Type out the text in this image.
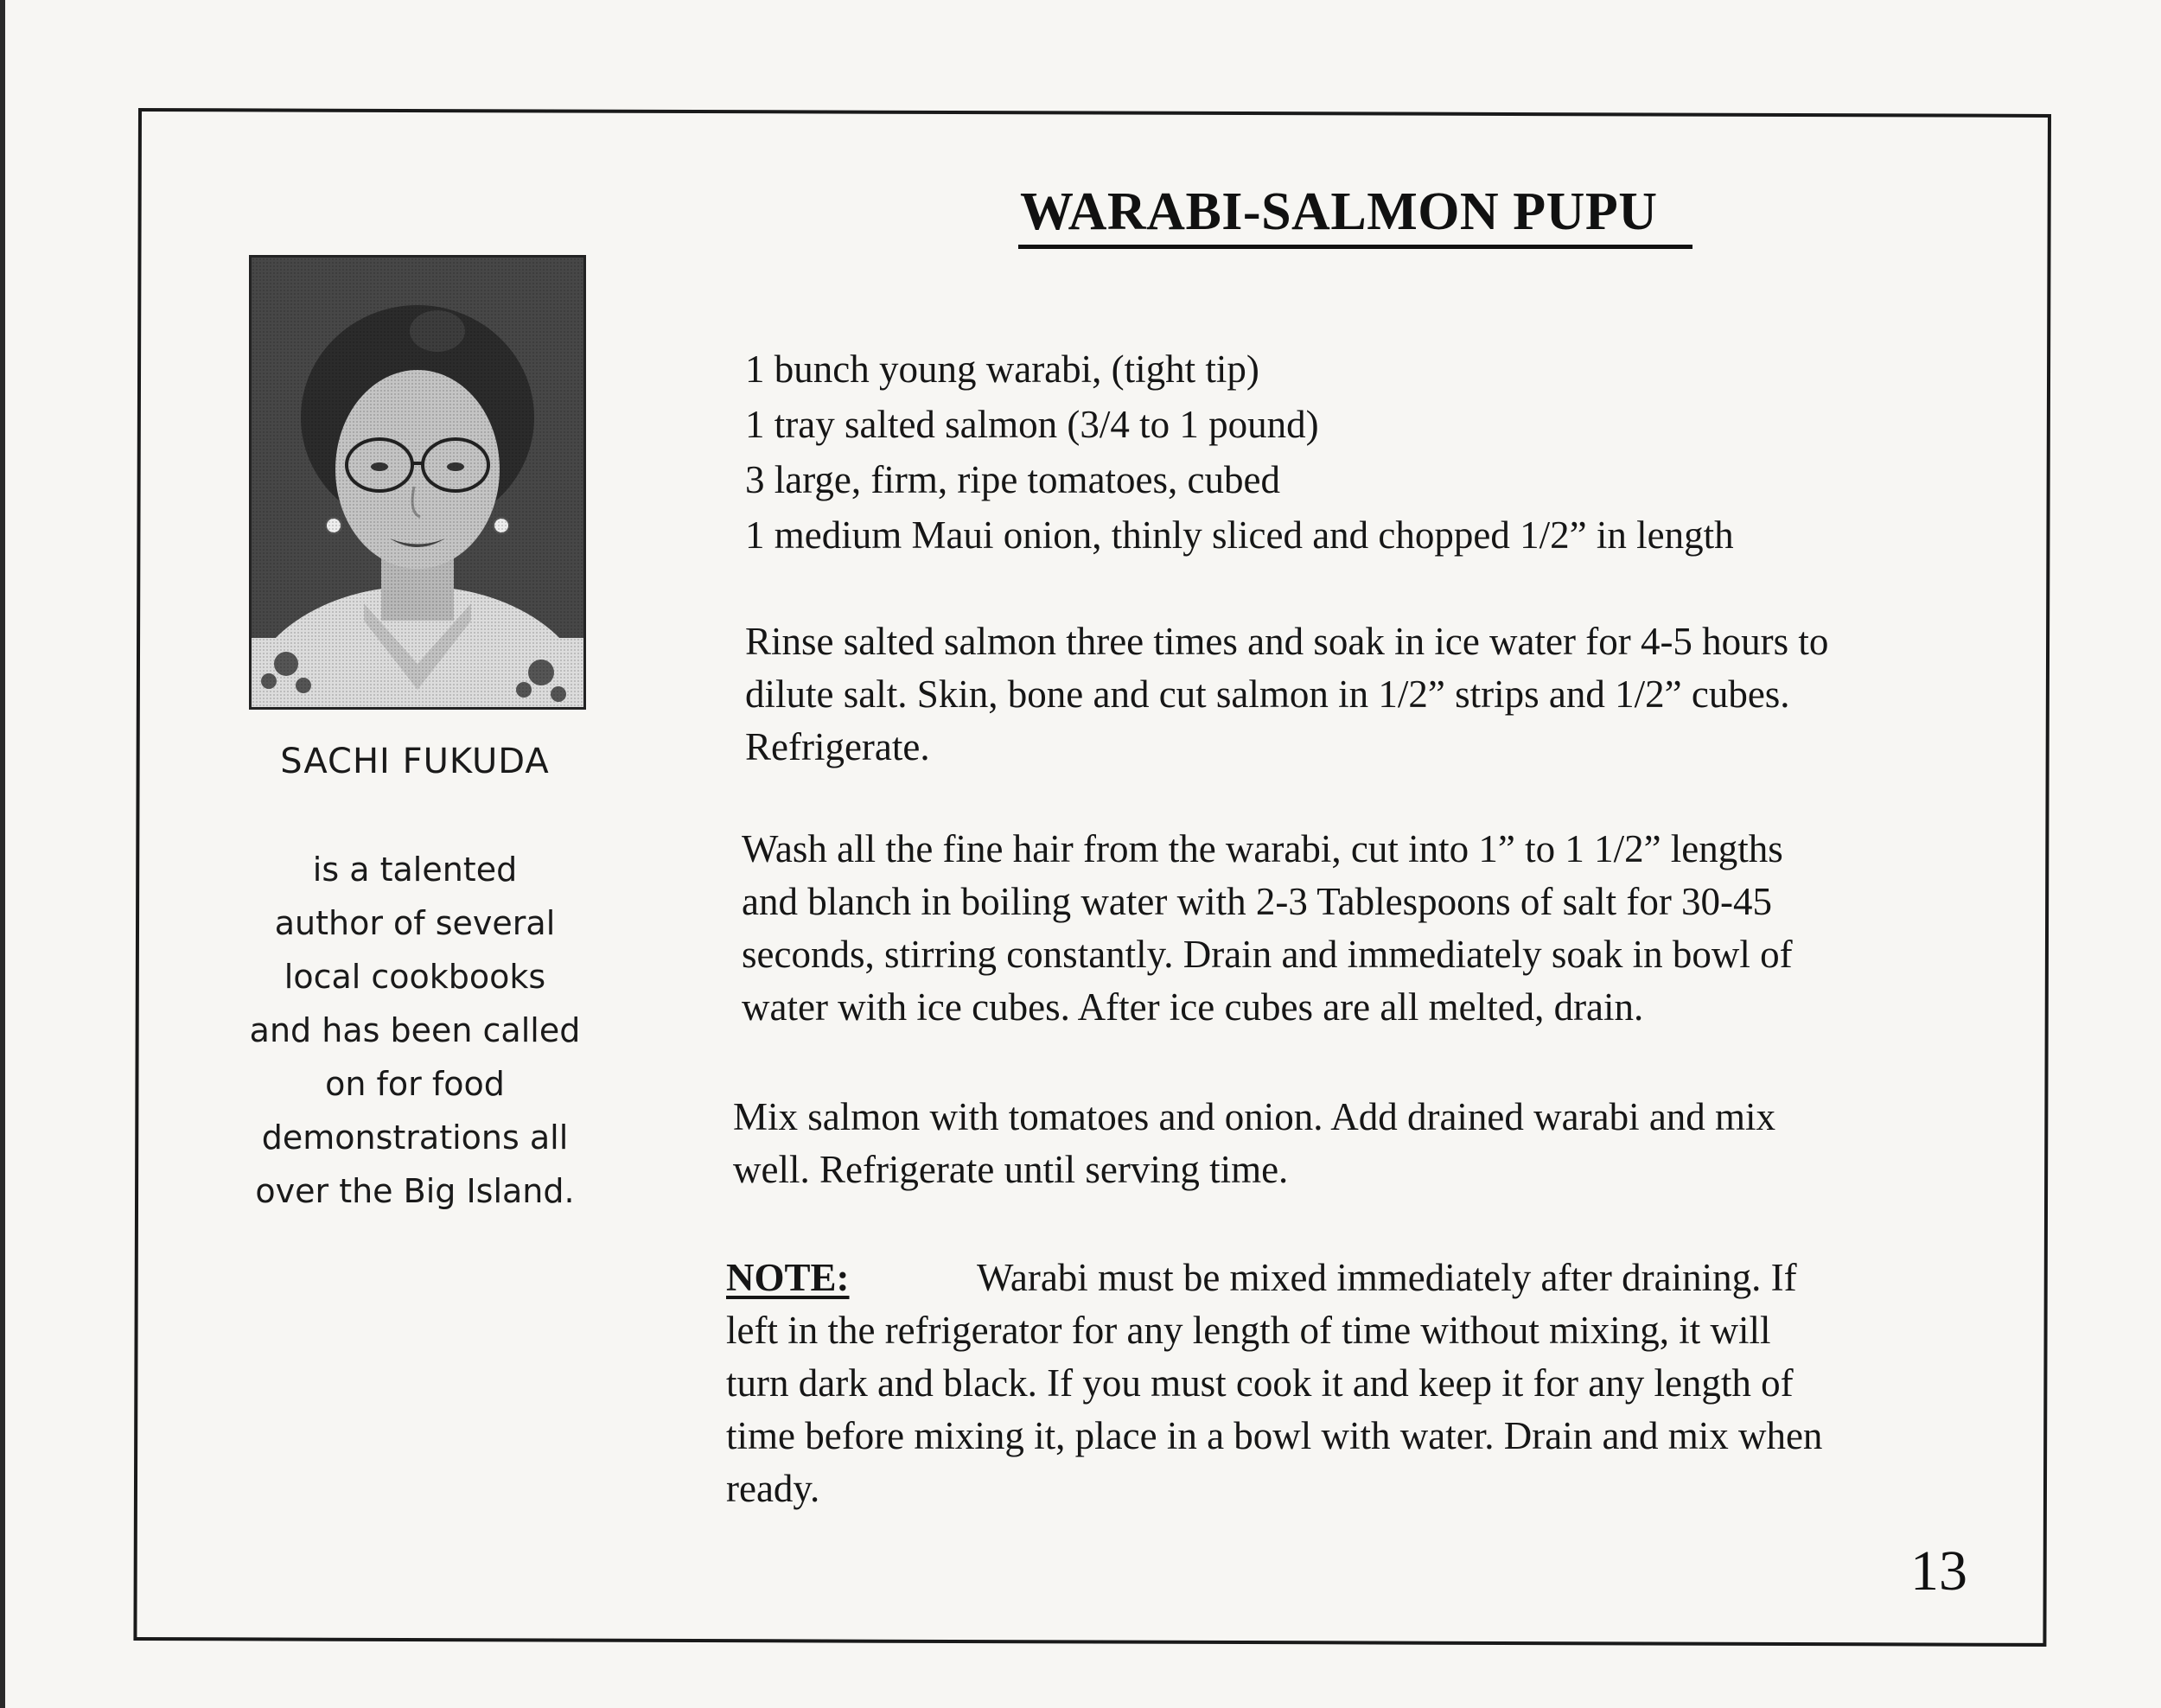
SACHI FUKUDA
is a talented
author of several
local cookbooks
and has been called
on for food
demonstrations all
over the Big Island.
WARABI-SALMON PUPU
1 bunch young warabi, (tight tip)
1 tray salted salmon (3/4 to 1 pound)
3 large, firm, ripe tomatoes, cubed
1 medium Maui onion, thinly sliced and chopped 1/2” in length
Rinse salted salmon three times and soak in ice water for 4-5 hours to
dilute salt. Skin, bone and cut salmon in 1/2” strips and 1/2” cubes.
Refrigerate.
Wash all the fine hair from the warabi, cut into 1” to 1 1/2” lengths
and blanch in boiling water with 2-3 Tablespoons of salt for 30-45
seconds, stirring constantly. Drain and immediately soak in bowl of
water with ice cubes. After ice cubes are all melted, drain.
Mix salmon with tomatoes and onion. Add drained warabi and mix
well. Refrigerate until serving time.
NOTE:	Warabi must be mixed immediately after draining. If
left in the refrigerator for any length of time without mixing, it will
turn dark and black. If you must cook it and keep it for any length of
time before mixing it, place in a bowl with water. Drain and mix when
ready.
13
